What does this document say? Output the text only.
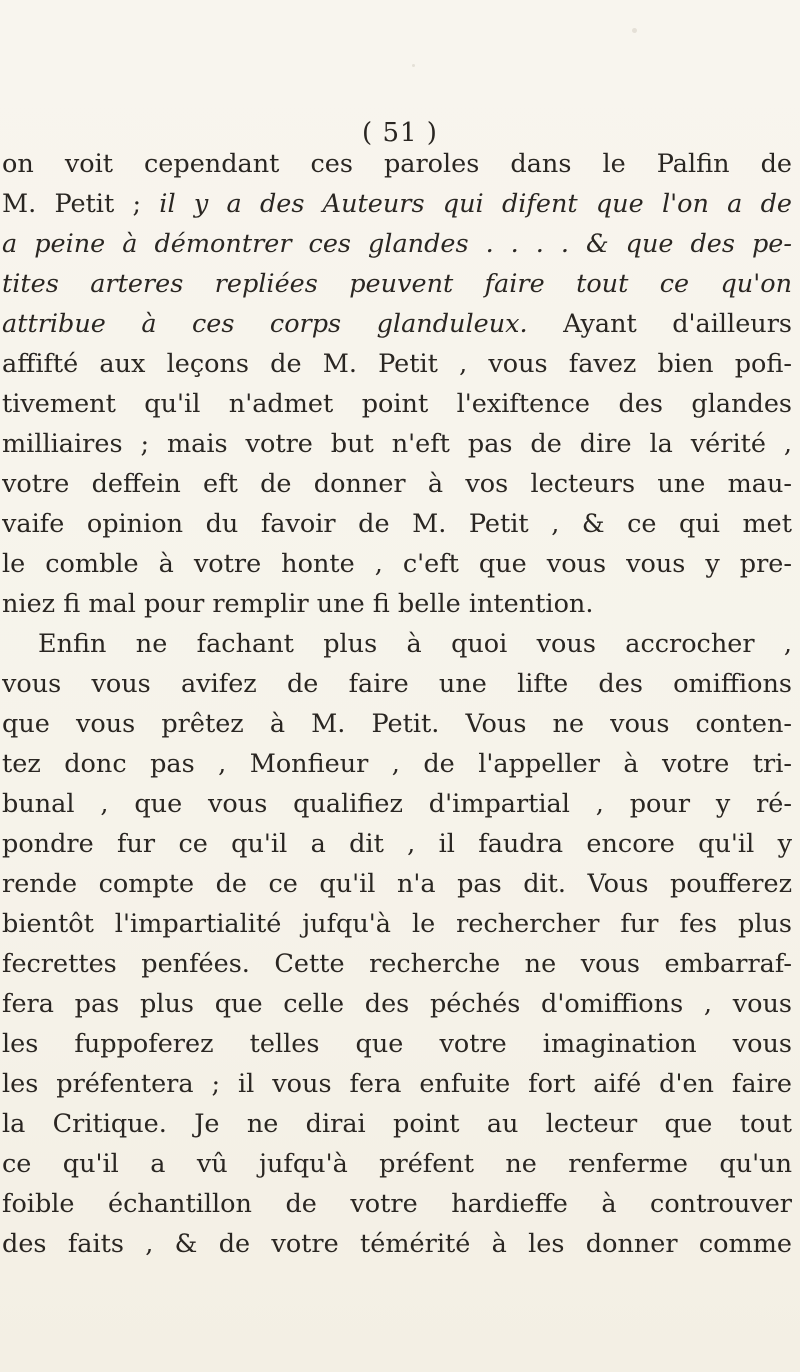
( 51 )
on voit cependant ces paroles dans le Palfin de
M. Petit ; il y a des Auteurs qui difent que l'on a de
a peine à démontrer ces glandes . . . . & que des pe-
tites arteres repliées peuvent faire tout ce qu'on
attribue à ces corps glanduleux. Ayant d'ailleurs
affifté aux leçons de M. Petit , vous favez bien pofi-
tivement qu'il n'admet point l'exiftence des glandes
milliaires ; mais votre but n'eft pas de dire la vérité ,
votre deffein eft de donner à vos lecteurs une mau-
vaife opinion du favoir de M. Petit , & ce qui met
le comble à votre honte , c'eft que vous vous y pre-
niez fi mal pour remplir une fi belle intention.
Enfin ne fachant plus à quoi vous accrocher ,
vous vous avifez de faire une lifte des omiffions
que vous prêtez à M. Petit. Vous ne vous conten-
tez donc pas , Monfieur , de l'appeller à votre tri-
bunal , que vous qualifiez d'impartial , pour y ré-
pondre fur ce qu'il a dit , il faudra encore qu'il y
rende compte de ce qu'il n'a pas dit. Vous poufferez
bientôt l'impartialité jufqu'à le rechercher fur fes plus
fecrettes penfées. Cette recherche ne vous embarraf-
fera pas plus que celle des péchés d'omiffions , vous
les fuppoferez telles que votre imagination vous
les préfentera ; il vous fera enfuite fort aifé d'en faire
la Critique. Je ne dirai point au lecteur que tout
ce qu'il a vû jufqu'à préfent ne renferme qu'un
foible échantillon de votre hardieffe à controuver
des faits , & de votre témérité à les donner comme
